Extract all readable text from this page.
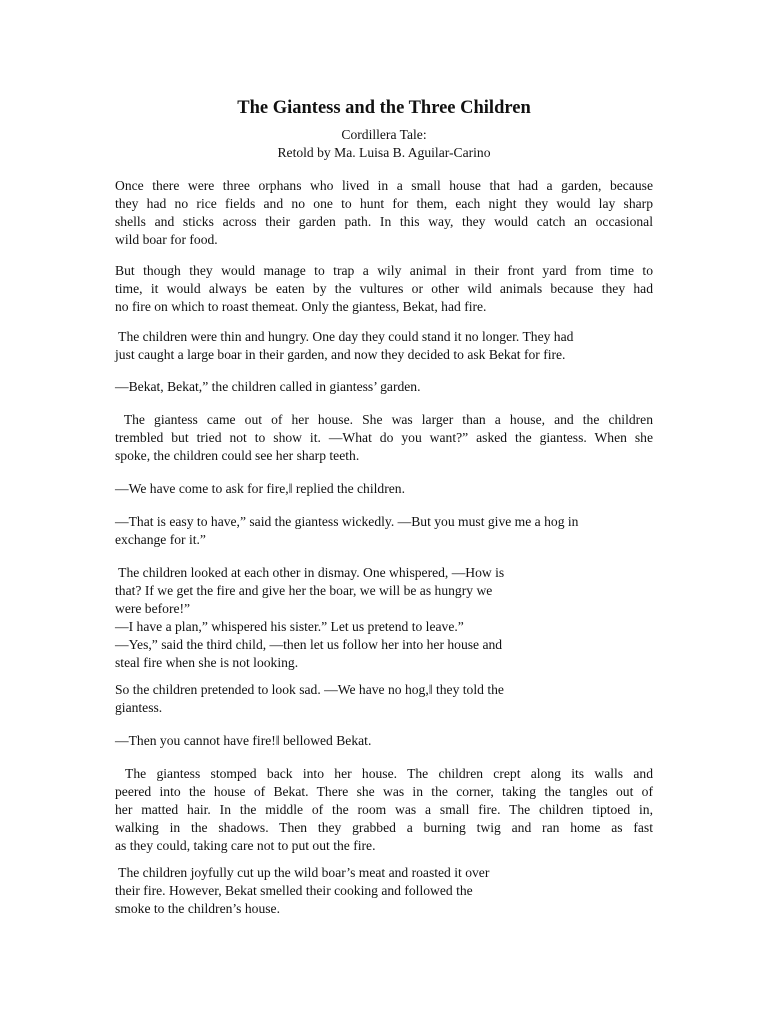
The Giantess and the Three Children
Cordillera Tale:
Retold by Ma. Luisa B. Aguilar-Carino
Once there were three orphans who lived in a small house that had a garden, because
they had no rice fields and no one to hunt for them, each night they would lay sharp
shells and sticks across their garden path. In this way, they would catch an occasional
wild boar for food.
But though they would manage to trap a wily animal in their front yard from time to
time, it would always be eaten by the vultures or other wild animals because they had
no fire on which to roast themeat. Only the giantess, Bekat, had fire.
The children were thin and hungry. One day they could stand it no longer. They had
just caught a large boar in their garden, and now they decided to ask Bekat for fire.
—Bekat, Bekat,” the children called in giantess’ garden.
The giantess came out of her house. She was larger than a house, and the children
trembled but tried not to show it. —What do you want?” asked the giantess. When she
spoke, the children could see her sharp teeth.
—We have come to ask for fire,‖ replied the children.
—That is easy to have,” said the giantess wickedly. —But you must give me a hog in
exchange for it.”
The children looked at each other in dismay. One whispered, —How is
that? If we get the fire and give her the boar, we will be as hungry we
were before!”
—I have a plan,” whispered his sister.” Let us pretend to leave.”
—Yes,” said the third child, —then let us follow her into her house and
steal fire when she is not looking.
So the children pretended to look sad. —We have no hog,‖ they told the
giantess.
—Then you cannot have fire!‖ bellowed Bekat.
The giantess stomped back into her house. The children crept along its walls and
peered into the house of Bekat. There she was in the corner, taking the tangles out of
her matted hair. In the middle of the room was a small fire. The children tiptoed in,
walking in the shadows. Then they grabbed a burning twig and ran home as fast
as they could, taking care not to put out the fire.
The children joyfully cut up the wild boar’s meat and roasted it over
their fire. However, Bekat smelled their cooking and followed the
smoke to the children’s house.
